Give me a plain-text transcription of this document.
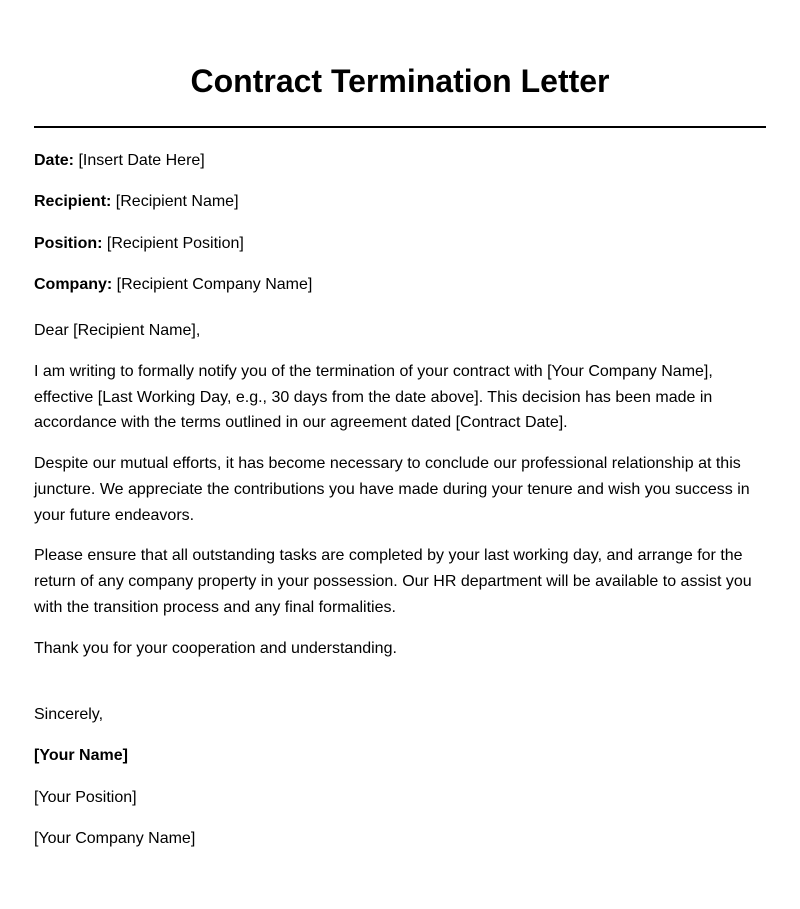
Contract Termination Letter

Date: [Insert Date Here]

Recipient: [Recipient Name]

Position: [Recipient Position]

Company: [Recipient Company Name]

Dear [Recipient Name],

I am writing to formally notify you of the termination of your contract with [Your Company Name], effective [Last Working Day, e.g., 30 days from the date above]. This decision has been made in accordance with the terms outlined in our agreement dated [Contract Date].

Despite our mutual efforts, it has become necessary to conclude our professional relationship at this juncture. We appreciate the contributions you have made during your tenure and wish you success in your future endeavors.

Please ensure that all outstanding tasks are completed by your last working day, and arrange for the return of any company property in your possession. Our HR department will be available to assist you with the transition process and any final formalities.

Thank you for your cooperation and understanding.

Sincerely,

[Your Name]

[Your Position]

[Your Company Name]
